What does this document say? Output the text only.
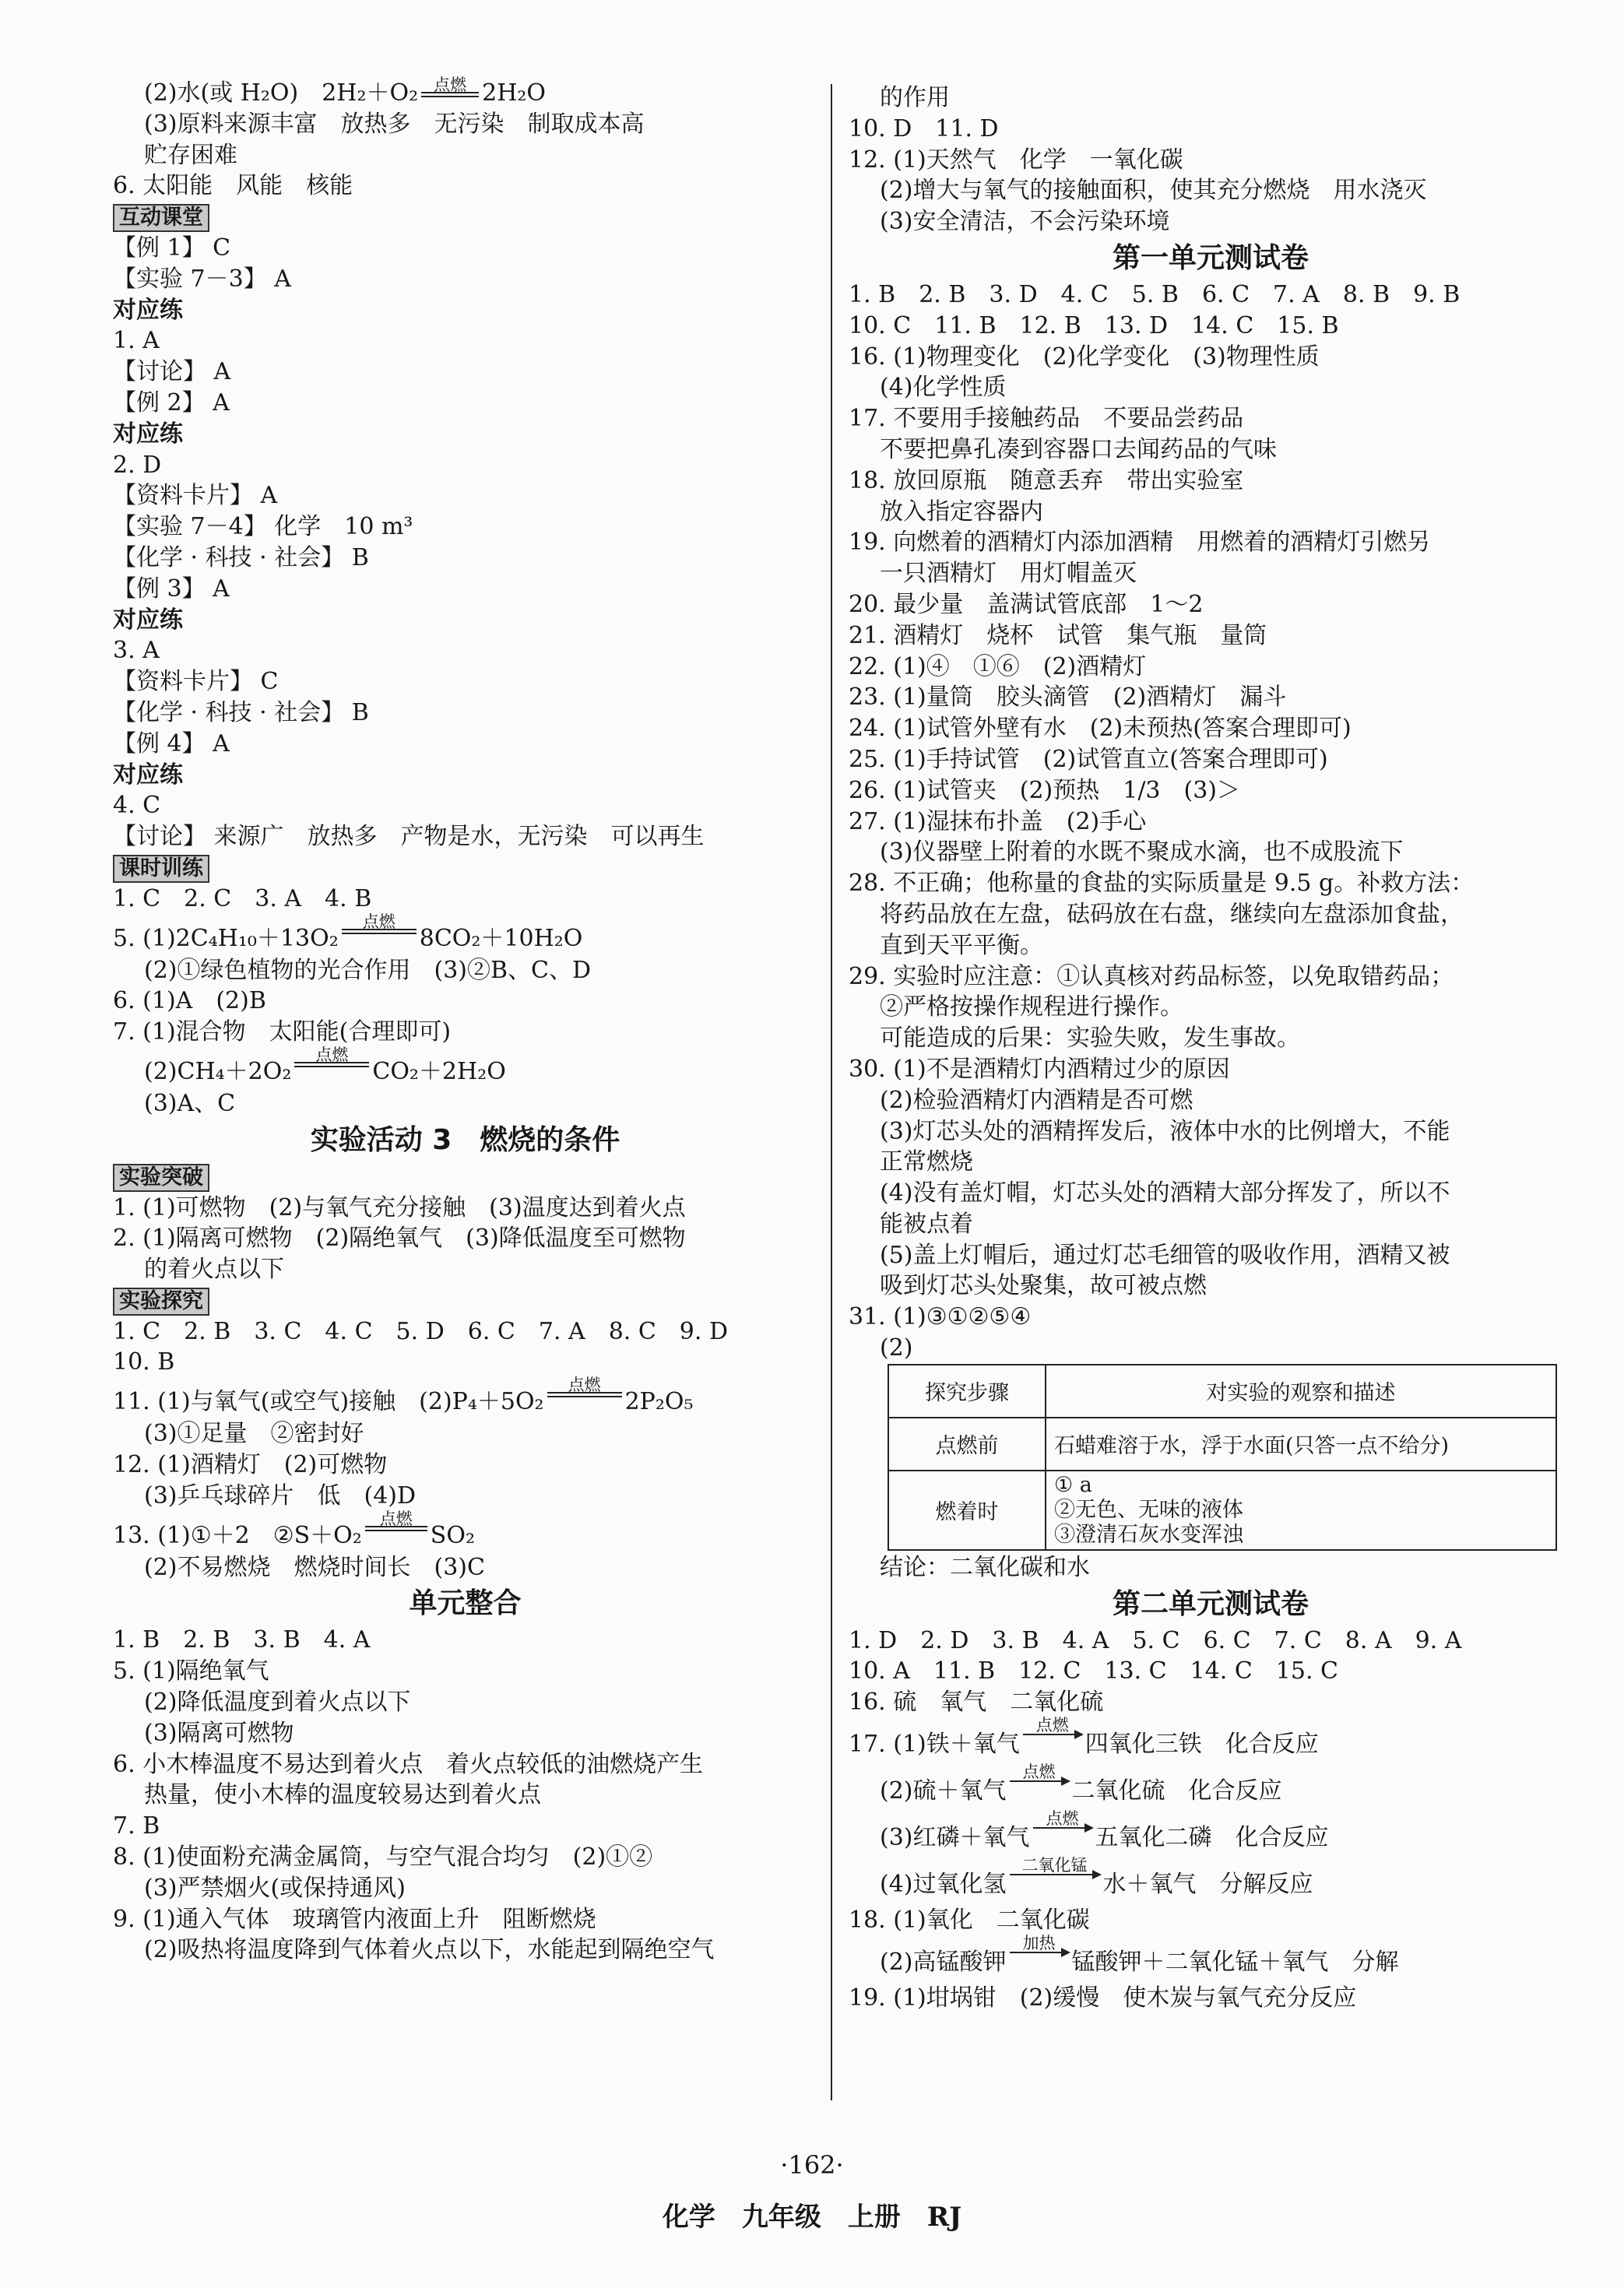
(2)水(或 H₂O)　2H₂＋O₂ 点燃 2H₂O
(3)原料来源丰富　放热多　无污染　制取成本高
贮存困难
6. 太阳能　风能　核能
互动课堂
【例 1】 C
【实验 7－3】 A
对应练
1. A
【讨论】 A
【例 2】 A
对应练
2. D
【资料卡片】 A
【实验 7－4】 化学　10 m³
【化学 · 科技 · 社会】 B
【例 3】 A
对应练
3. A
【资料卡片】 C
【化学 · 科技 · 社会】 B
【例 4】 A
对应练
4. C
【讨论】 来源广　放热多　产物是水，无污染　可以再生
课时训练
1. C　2. C　3. A　4. B
5. (1)2C₄H₁₀＋13O₂
点燃
8CO₂＋10H₂O
(2)①绿色植物的光合作用　(3)②B、C、D
6. (1)A　(2)B
7. (1)混合物　太阳能(合理即可)
(2)CH₄＋2O₂
点燃
CO₂＋2H₂O
(3)A、C
实验活动 3　燃烧的条件
实验突破
1. (1)可燃物　(2)与氧气充分接触　(3)温度达到着火点
2. (1)隔离可燃物　(2)隔绝氧气　(3)降低温度至可燃物
的着火点以下
实验探究
1. C　2. B　3. C　4. C　5. D　6. C　7. A　8. C　9. D
10. B
11. (1)与氧气(或空气)接触　(2)P₄＋5O₂
点燃
2P₂O₅
(3)①足量　②密封好
12. (1)酒精灯　(2)可燃物
(3)乒乓球碎片　低　(4)D
13. (1)①＋2　②S＋O₂
点燃
SO₂
(2)不易燃烧　燃烧时间长　(3)C
单元整合
1. B　2. B　3. B　4. A
5. (1)隔绝氧气
(2)降低温度到着火点以下
(3)隔离可燃物
6. 小木棒温度不易达到着火点　着火点较低的油燃烧产生
热量，使小木棒的温度较易达到着火点
7. B
8. (1)使面粉充满金属筒，与空气混合均匀　(2)①②
(3)严禁烟火(或保持通风)
9. (1)通入气体　玻璃管内液面上升　阻断燃烧
(2)吸热将温度降到气体着火点以下，水能起到隔绝空气
的作用
10. D　11. D
12. (1)天然气　化学　一氧化碳
(2)增大与氧气的接触面积，使其充分燃烧　用水浇灭
(3)安全清洁，不会污染环境
第一单元测试卷
1. B　2. B　3. D　4. C　5. B　6. C　7. A　8. B　9. B
10. C　11. B　12. B　13. D　14. C　15. B
16. (1)物理变化　(2)化学变化　(3)物理性质
(4)化学性质
17. 不要用手接触药品　不要品尝药品
不要把鼻孔凑到容器口去闻药品的气味
18. 放回原瓶　随意丢弃　带出实验室
放入指定容器内
19. 向燃着的酒精灯内添加酒精　用燃着的酒精灯引燃另
一只酒精灯　用灯帽盖灭
20. 最少量　盖满试管底部　1～2
21. 酒精灯　烧杯　试管　集气瓶　量筒
22. (1)④　①⑥　(2)酒精灯
23. (1)量筒　胶头滴管　(2)酒精灯　漏斗
24. (1)试管外壁有水　(2)未预热(答案合理即可)
25. (1)手持试管　(2)试管直立(答案合理即可)
26. (1)试管夹　(2)预热　1/3　(3)＞
27. (1)湿抹布扑盖　(2)手心
(3)仪器壁上附着的水既不聚成水滴，也不成股流下
28. 不正确；他称量的食盐的实际质量是 9.5 g。补救方法：
将药品放在左盘，砝码放在右盘，继续向左盘添加食盐，
直到天平平衡。
29. 实验时应注意：①认真核对药品标签，以免取错药品；
②严格按操作规程进行操作。
可能造成的后果：实验失败，发生事故。
30. (1)不是酒精灯内酒精过少的原因
(2)检验酒精灯内酒精是否可燃
(3)灯芯头处的酒精挥发后，液体中水的比例增大，不能
正常燃烧
(4)没有盖灯帽，灯芯头处的酒精大部分挥发了，所以不
能被点着
(5)盖上灯帽后，通过灯芯毛细管的吸收作用，酒精又被
吸到灯芯头处聚集，故可被点燃
31. (1)③①②⑤④
(2)
探究步骤	对实验的观察和描述
点燃前	石蜡难溶于水，浮于水面(只答一点不给分)
燃着时	① a
②无色、无味的液体
③澄清石灰水变浑浊
结论：二氧化碳和水
第二单元测试卷
1. D　2. D　3. B　4. A　5. C　6. C　7. C　8. A　9. A
10. A　11. B　12. C　13. C　14. C　15. C
16. 硫　氧气　二氧化硫
17. (1)铁＋氧气
点燃
四氧化三铁　化合反应
(2)硫＋氧气
点燃
二氧化硫　化合反应
(3)红磷＋氧气
点燃
五氧化二磷　化合反应
(4)过氧化氢
二氧化锰
水＋氧气　分解反应
18. (1)氧化　二氧化碳
(2)高锰酸钾
加热
锰酸钾＋二氧化锰＋氧气　分解
19. (1)坩埚钳　(2)缓慢　使木炭与氧气充分反应
·162·
化学　九年级　上册　RJ
